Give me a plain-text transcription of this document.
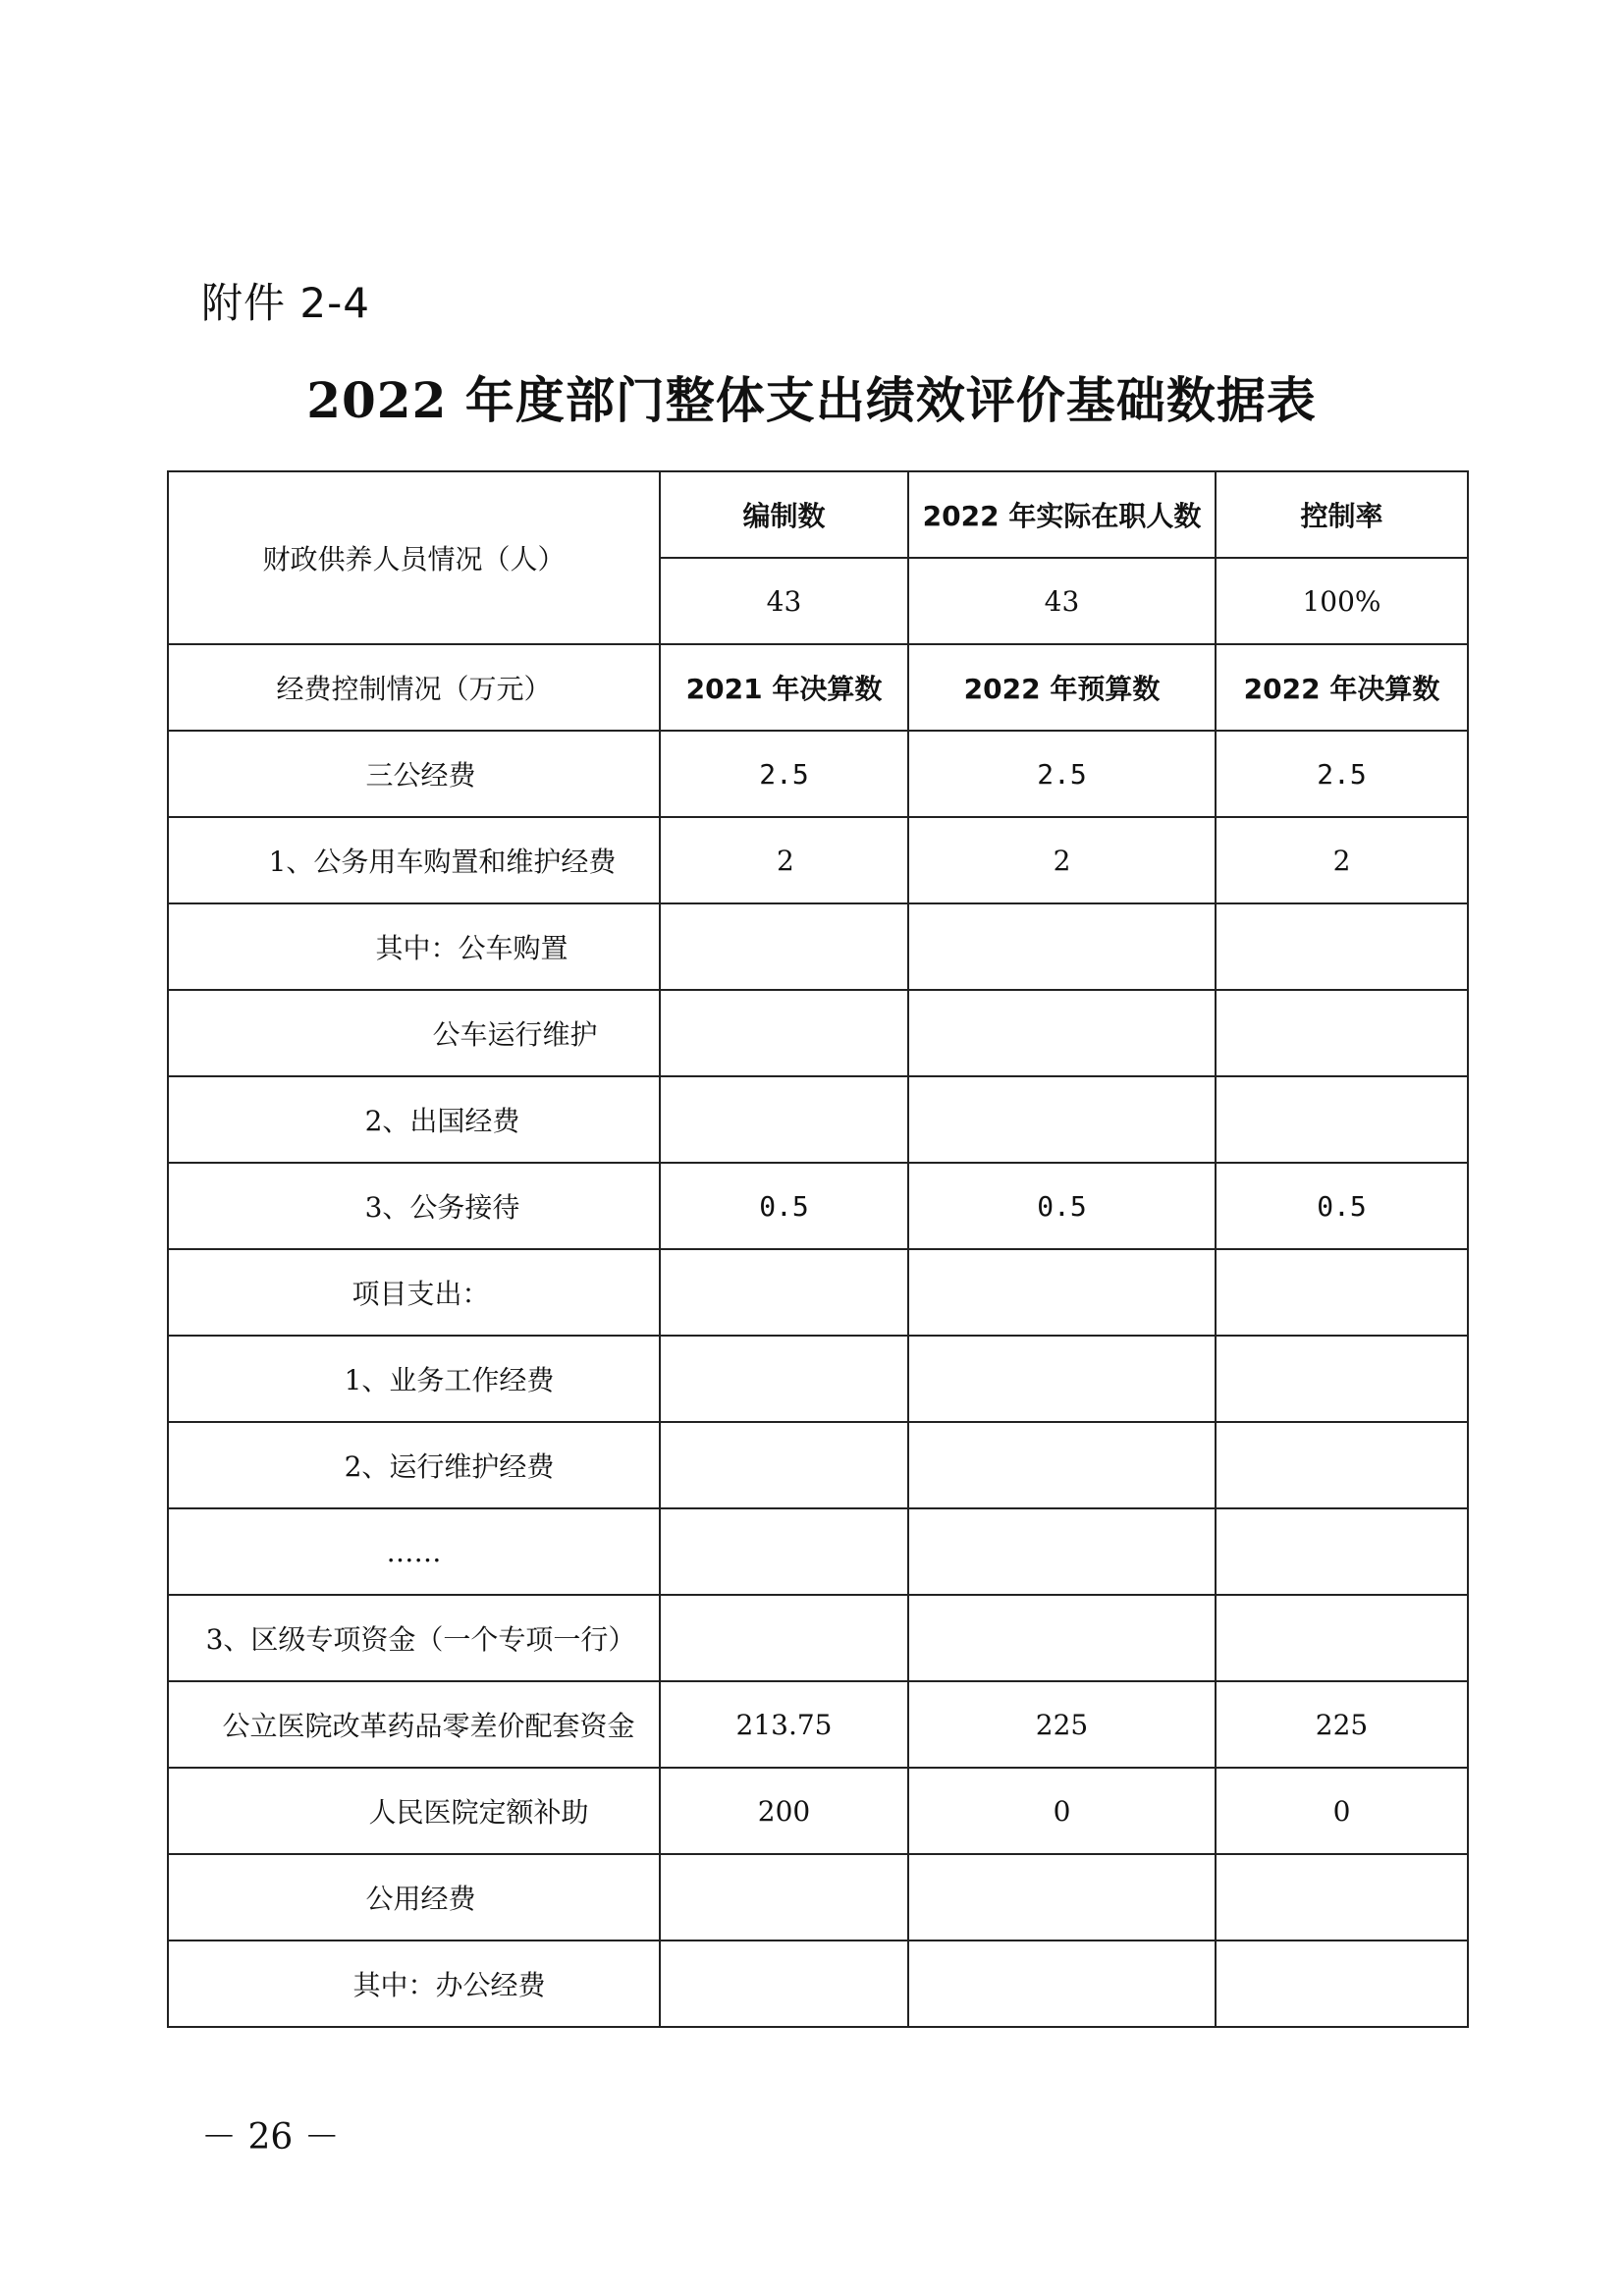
附件 2-4
2022 年度部门整体支出绩效评价基础数据表
财政供养人员情况（人）	编制数	2022 年实际在职人数	控制率
	43	43	100%
经费控制情况（万元）	2021 年决算数	2022 年预算数	2022 年决算数
三公经费	2.5	2.5	2.5
1、公务用车购置和维护经费	2	2	2
其中：公车购置			
公车运行维护			
2、出国经费			
3、公务接待	0.5	0.5	0.5
项目支出：			
1、业务工作经费			
2、运行维护经费			
……			
3、区级专项资金（一个专项一行）			
公立医院改革药品零差价配套资金	213.75	225	225
人民医院定额补助	200	0	0
公用经费			
其中：办公经费			
－ 26 －
